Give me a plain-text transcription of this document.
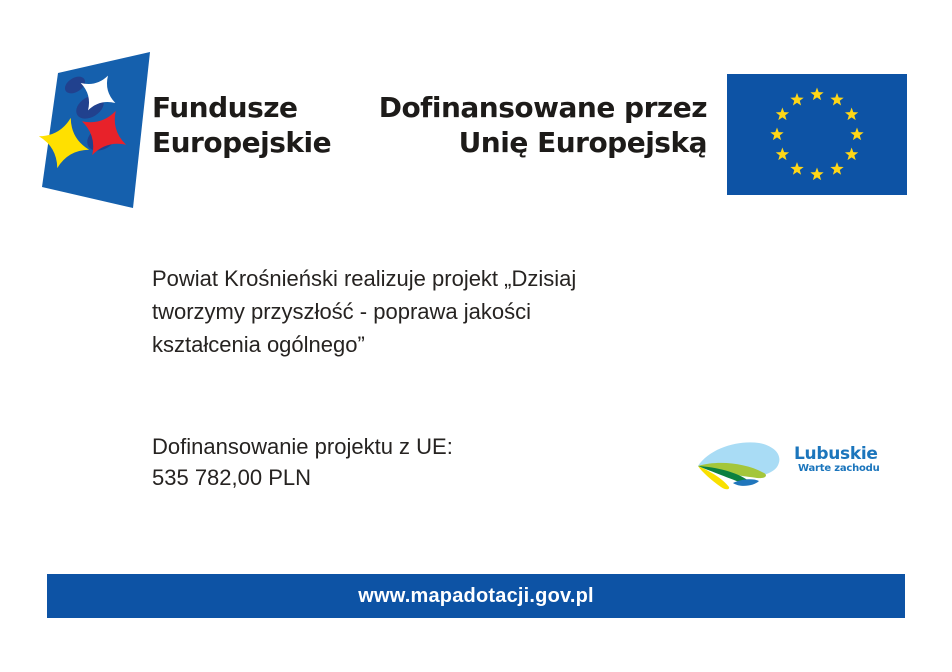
Fundusze
Europejskie
Dofinansowane przez
Unię Europejską
Powiat Krośnieński realizuje projekt „Dzisiaj
tworzymy przyszłość - poprawa jakości
kształcenia ogólnego”
Dofinansowanie projektu z UE:
535 782,00 PLN
Lubuskie
Warte zachodu
www.mapadotacji.gov.pl
